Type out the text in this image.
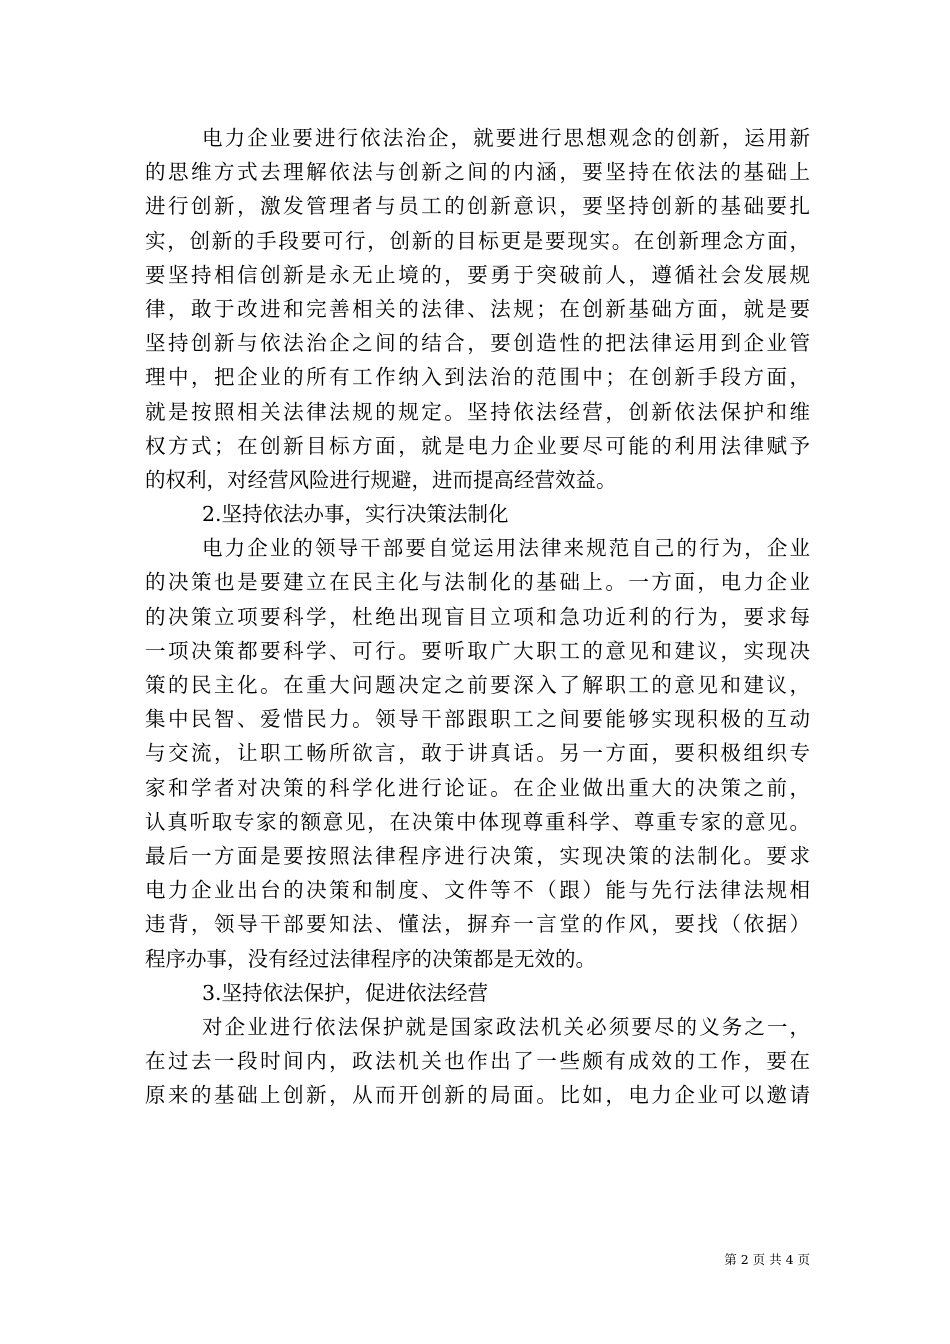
电力企业要进行依法治企，就要进行思想观念的创新，运用新
的思维方式去理解依法与创新之间的内涵，要坚持在依法的基础上
进行创新，激发管理者与员工的创新意识，要坚持创新的基础要扎
实，创新的手段要可行，创新的目标更是要现实。在创新理念方面，
要坚持相信创新是永无止境的，要勇于突破前人，遵循社会发展规
律，敢于改进和完善相关的法律、法规；在创新基础方面，就是要
坚持创新与依法治企之间的结合，要创造性的把法律运用到企业管
理中，把企业的所有工作纳入到法治的范围中；在创新手段方面，
就是按照相关法律法规的规定。坚持依法经营，创新依法保护和维
权方式；在创新目标方面，就是电力企业要尽可能的利用法律赋予
的权利，对经营风险进行规避，进而提高经营效益。
2.坚持依法办事，实行决策法制化
电力企业的领导干部要自觉运用法律来规范自己的行为，企业
的决策也是要建立在民主化与法制化的基础上。一方面，电力企业
的决策立项要科学，杜绝出现盲目立项和急功近利的行为，要求每
一项决策都要科学、可行。要听取广大职工的意见和建议，实现决
策的民主化。在重大问题决定之前要深入了解职工的意见和建议，
集中民智、爱惜民力。领导干部跟职工之间要能够实现积极的互动
与交流，让职工畅所欲言，敢于讲真话。另一方面，要积极组织专
家和学者对决策的科学化进行论证。在企业做出重大的决策之前，
认真听取专家的额意见，在决策中体现尊重科学、尊重专家的意见。
最后一方面是要按照法律程序进行决策，实现决策的法制化。要求
电力企业出台的决策和制度、文件等不（跟）能与先行法律法规相
违背，领导干部要知法、懂法，摒弃一言堂的作风，要找（依据）
程序办事，没有经过法律程序的决策都是无效的。
3.坚持依法保护，促进依法经营
对企业进行依法保护就是国家政法机关必须要尽的义务之一，
在过去一段时间内，政法机关也作出了一些颇有成效的工作，要在
原来的基础上创新，从而开创新的局面。比如，电力企业可以邀请
第 2 页 共 4 页
